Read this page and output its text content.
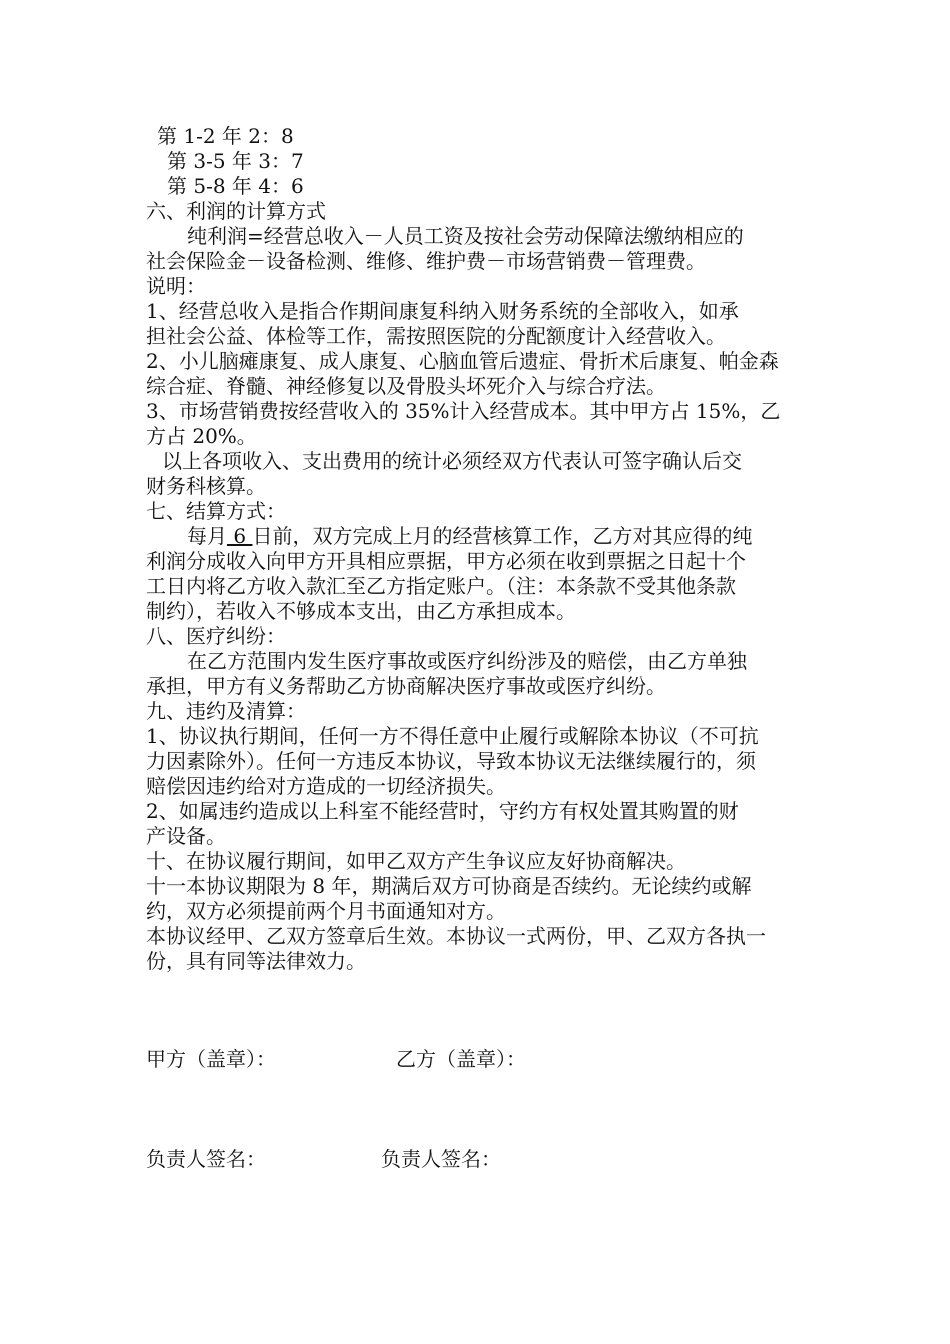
第 1-2 年 2：8
第 3-5 年 3：7
第 5-8 年 4：6
六、利润的计算方式
纯利润=经营总收入－人员工资及按社会劳动保障法缴纳相应的
社会保险金－设备检测、维修、维护费－市场营销费－管理费。
说明：
1、经营总收入是指合作期间康复科纳入财务系统的全部收入，如承
担社会公益、体检等工作，需按照医院的分配额度计入经营收入。
2、小儿脑瘫康复、成人康复、心脑血管后遗症、骨折术后康复、帕金森
综合症、脊髓、神经修复以及骨股头坏死介入与综合疗法。
3、市场营销费按经营收入的 35%计入经营成本。其中甲方占 15%，乙
方占 20%。
以上各项收入、支出费用的统计必须经双方代表认可签字确认后交
财务科核算。
七、结算方式：
每月 6 日前，双方完成上月的经营核算工作，乙方对其应得的纯
利润分成收入向甲方开具相应票据，甲方必须在收到票据之日起十个
工日内将乙方收入款汇至乙方指定账户。（注：本条款不受其他条款
制约），若收入不够成本支出，由乙方承担成本。
八、医疗纠纷：
在乙方范围内发生医疗事故或医疗纠纷涉及的赔偿，由乙方单独
承担，甲方有义务帮助乙方协商解决医疗事故或医疗纠纷。
九、违约及清算：
1、协议执行期间，任何一方不得任意中止履行或解除本协议（不可抗
力因素除外）。任何一方违反本协议，导致本协议无法继续履行的，须
赔偿因违约给对方造成的一切经济损失。
2、如属违约造成以上科室不能经营时，守约方有权处置其购置的财
产设备。
十、在协议履行期间，如甲乙双方产生争议应友好协商解决。
十一本协议期限为 8 年，期满后双方可协商是否续约。无论续约或解
约，双方必须提前两个月书面通知对方。
本协议经甲、乙双方签章后生效。本协议一式两份，甲、乙双方各执一
份，具有同等法律效力。
甲方（盖章）：	乙方（盖章）：
负责人签名：	负责人签名：
